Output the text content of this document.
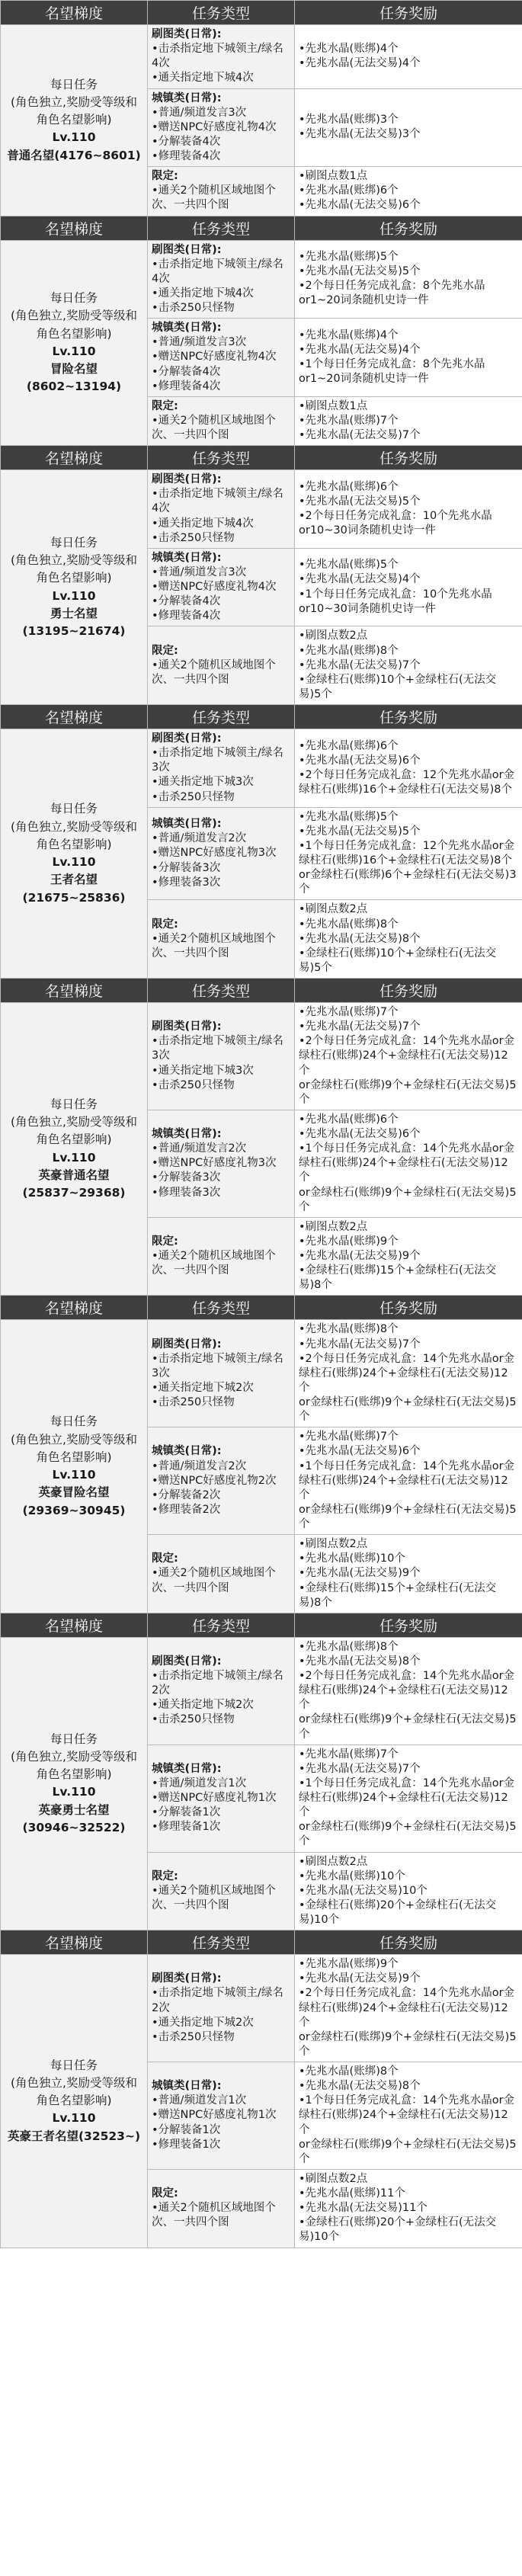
名望梯度	任务类型	任务奖励

每日任务
(角色独立,奖励受等级和角色名望影响)
Lv.110
普通名望(4176~8601)	刷图类(日常):
•击杀指定地下城领主/绿名4次
•通关指定地下城4次	•先兆水晶(账绑)4个
•先兆水晶(无法交易)4个

	城镇类(日常):
•普通/频道发言3次
•赠送NPC好感度礼物4次
•分解装备4次
•修理装备4次	•先兆水晶(账绑)3个
•先兆水晶(无法交易)3个

	限定:
•通关2个随机区域地图个次、一共四个图	•刷图点数1点
•先兆水晶(账绑)6个
•先兆水晶(无法交易)6个

名望梯度	任务类型	任务奖励

每日任务
(角色独立,奖励受等级和角色名望影响)
Lv.110
冒险名望(8602~13194)	刷图类(日常):
•击杀指定地下城领主/绿名4次
•通关指定地下城4次
•击杀250只怪物	•先兆水晶(账绑)5个
•先兆水晶(无法交易)5个
•2个每日任务完成礼盒：8个先兆水晶or1~20词条随机史诗一件

	城镇类(日常):
•普通/频道发言3次
•赠送NPC好感度礼物4次
•分解装备4次
•修理装备4次	•先兆水晶(账绑)4个
•先兆水晶(无法交易)4个
•1个每日任务完成礼盒：8个先兆水晶or1~20词条随机史诗一件

	限定:
•通关2个随机区域地图个次、一共四个图	•刷图点数1点
•先兆水晶(账绑)7个
•先兆水晶(无法交易)7个

名望梯度	任务类型	任务奖励

每日任务
(角色独立,奖励受等级和角色名望影响)
Lv.110
勇士名望(13195~21674)	刷图类(日常):
•击杀指定地下城领主/绿名4次
•通关指定地下城4次
•击杀250只怪物	•先兆水晶(账绑)6个
•先兆水晶(无法交易)5个
•2个每日任务完成礼盒：10个先兆水晶or10~30词条随机史诗一件

	城镇类(日常):
•普通/频道发言3次
•赠送NPC好感度礼物4次
•分解装备4次
•修理装备4次	•先兆水晶(账绑)5个
•先兆水晶(无法交易)4个
•1个每日任务完成礼盒：10个先兆水晶or10~30词条随机史诗一件

	限定:
•通关2个随机区域地图个次、一共四个图	•刷图点数2点
•先兆水晶(账绑)8个
•先兆水晶(无法交易)7个
•金绿柱石(账绑)10个+金绿柱石(无法交易)5个

名望梯度	任务类型	任务奖励

每日任务
(角色独立,奖励受等级和角色名望影响)
Lv.110
王者名望(21675~25836)	刷图类(日常):
•击杀指定地下城领主/绿名3次
•通关指定地下城3次
•击杀250只怪物	•先兆水晶(账绑)6个
•先兆水晶(无法交易)6个
•2个每日任务完成礼盒：12个先兆水晶or金绿柱石(账绑)16个+金绿柱石(无法交易)8个

	城镇类(日常):
•普通/频道发言2次
•赠送NPC好感度礼物3次
•分解装备3次
•修理装备3次	•先兆水晶(账绑)5个
•先兆水晶(无法交易)5个
•1个每日任务完成礼盒：12个先兆水晶or金绿柱石(账绑)16个+金绿柱石(无法交易)8个
or金绿柱石(账绑)6个+金绿柱石(无法交易)3个

	限定:
•通关2个随机区域地图个次、一共四个图	•刷图点数2点
•先兆水晶(账绑)8个
•先兆水晶(无法交易)8个
•金绿柱石(账绑)10个+金绿柱石(无法交易)5个

名望梯度	任务类型	任务奖励

每日任务
(角色独立,奖励受等级和角色名望影响)
Lv.110
英豪普通名望
(25837~29368)	刷图类(日常):
•击杀指定地下城领主/绿名3次
•通关指定地下城3次
•击杀250只怪物	•先兆水晶(账绑)7个
•先兆水晶(无法交易)7个
•2个每日任务完成礼盒：14个先兆水晶or金绿柱石(账绑)24个+金绿柱石(无法交易)12个
or金绿柱石(账绑)9个+金绿柱石(无法交易)5个

	城镇类(日常):
•普通/频道发言2次
•赠送NPC好感度礼物3次
•分解装备3次
•修理装备3次	•先兆水晶(账绑)6个
•先兆水晶(无法交易)6个
•1个每日任务完成礼盒：14个先兆水晶or金绿柱石(账绑)24个+金绿柱石(无法交易)12个
or金绿柱石(账绑)9个+金绿柱石(无法交易)5个

	限定:
•通关2个随机区域地图个次、一共四个图	•刷图点数2点
•先兆水晶(账绑)9个
•先兆水晶(无法交易)9个
•金绿柱石(账绑)15个+金绿柱石(无法交易)8个

名望梯度	任务类型	任务奖励

每日任务
(角色独立,奖励受等级和角色名望影响)
Lv.110
英豪冒险名望
(29369~30945)	刷图类(日常):
•击杀指定地下城领主/绿名3次
•通关指定地下城2次
•击杀250只怪物	•先兆水晶(账绑)8个
•先兆水晶(无法交易)7个
•2个每日任务完成礼盒：14个先兆水晶or金绿柱石(账绑)24个+金绿柱石(无法交易)12个
or金绿柱石(账绑)9个+金绿柱石(无法交易)5个

	城镇类(日常):
•普通/频道发言2次
•赠送NPC好感度礼物2次
•分解装备2次
•修理装备2次	•先兆水晶(账绑)7个
•先兆水晶(无法交易)6个
•1个每日任务完成礼盒：14个先兆水晶or金绿柱石(账绑)24个+金绿柱石(无法交易)12个
or金绿柱石(账绑)9个+金绿柱石(无法交易)5个

	限定:
•通关2个随机区域地图个次、一共四个图	•刷图点数2点
•先兆水晶(账绑)10个
•先兆水晶(无法交易)9个
•金绿柱石(账绑)15个+金绿柱石(无法交易)8个

名望梯度	任务类型	任务奖励

每日任务
(角色独立,奖励受等级和角色名望影响)
Lv.110
英豪勇士名望
(30946~32522)	刷图类(日常):
•击杀指定地下城领主/绿名2次
•通关指定地下城2次
•击杀250只怪物	•先兆水晶(账绑)8个
•先兆水晶(无法交易)8个
•2个每日任务完成礼盒：14个先兆水晶or金绿柱石(账绑)24个+金绿柱石(无法交易)12个
or金绿柱石(账绑)9个+金绿柱石(无法交易)5个

	城镇类(日常):
•普通/频道发言1次
•赠送NPC好感度礼物1次
•分解装备1次
•修理装备1次	•先兆水晶(账绑)7个
•先兆水晶(无法交易)7个
•1个每日任务完成礼盒：14个先兆水晶or金绿柱石(账绑)24个+金绿柱石(无法交易)12个
or金绿柱石(账绑)9个+金绿柱石(无法交易)5个

	限定:
•通关2个随机区域地图个次、一共四个图	•刷图点数2点
•先兆水晶(账绑)10个
•先兆水晶(无法交易)10个
•金绿柱石(账绑)20个+金绿柱石(无法交易)10个

名望梯度	任务类型	任务奖励

每日任务
(角色独立,奖励受等级和角色名望影响)
Lv.110
英豪王者名望(32523~)	刷图类(日常):
•击杀指定地下城领主/绿名2次
•通关指定地下城2次
•击杀250只怪物	•先兆水晶(账绑)9个
•先兆水晶(无法交易)9个
•2个每日任务完成礼盒：14个先兆水晶or金绿柱石(账绑)24个+金绿柱石(无法交易)12个
or金绿柱石(账绑)9个+金绿柱石(无法交易)5个

	城镇类(日常):
•普通/频道发言1次
•赠送NPC好感度礼物1次
•分解装备1次
•修理装备1次	•先兆水晶(账绑)8个
•先兆水晶(无法交易)8个
•1个每日任务完成礼盒：14个先兆水晶or金绿柱石(账绑)24个+金绿柱石(无法交易)12个
or金绿柱石(账绑)9个+金绿柱石(无法交易)5个

	限定:
•通关2个随机区域地图个次、一共四个图	•刷图点数2点
•先兆水晶(账绑)11个
•先兆水晶(无法交易)11个
•金绿柱石(账绑)20个+金绿柱石(无法交易)10个
